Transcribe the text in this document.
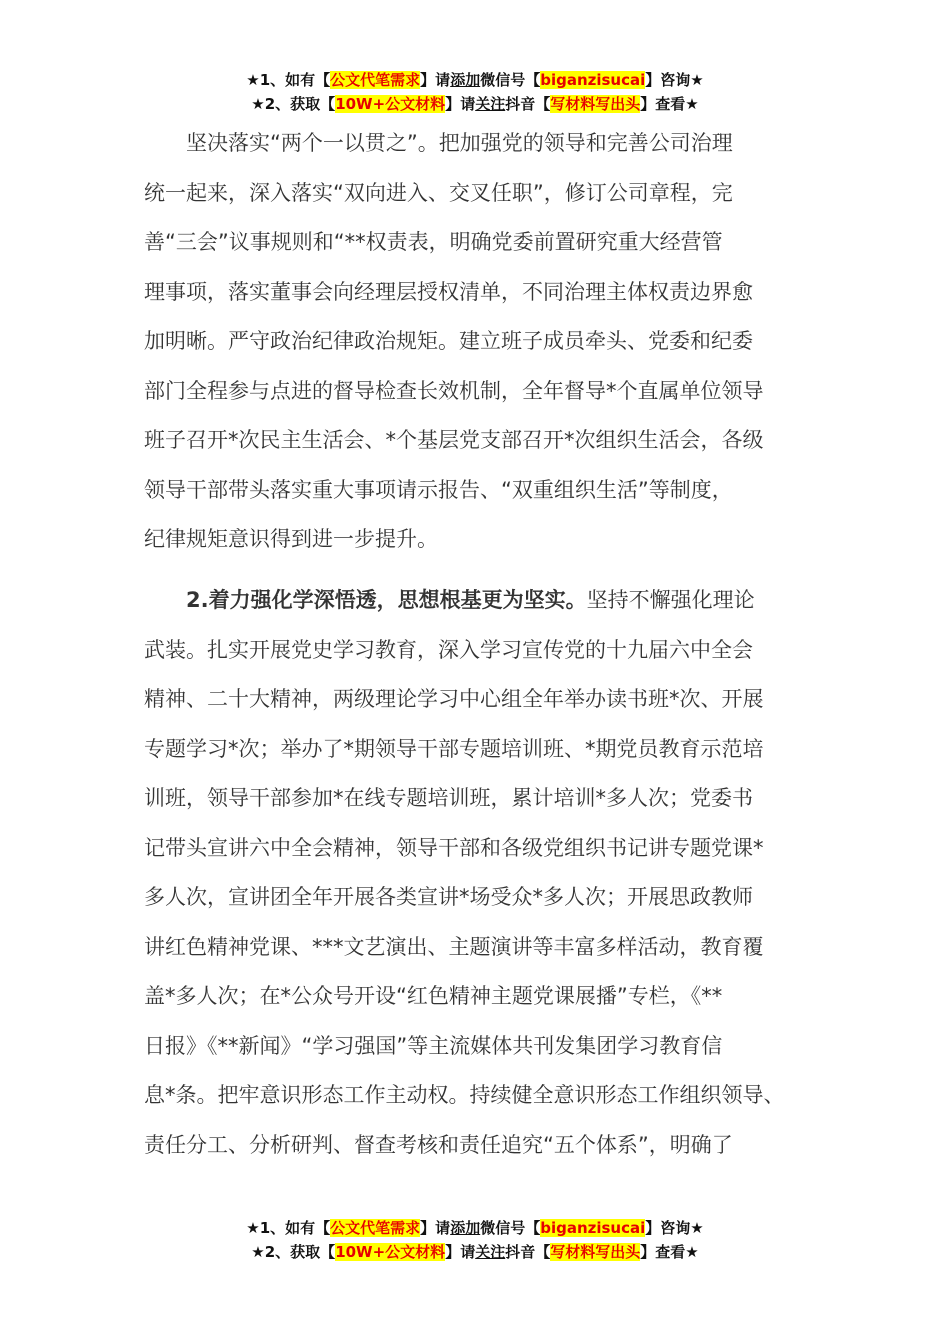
★1、如有【公文代笔需求】请添加微信号【biganzisucai】咨询★
★2、获取【10W+公文材料】请关注抖音【写材料写出头】查看★
　　坚决落实“两个一以贯之”。把加强党的领导和完善公司治理
统一起来，深入落实“双向进入、交叉任职”，修订公司章程，完
善“三会”议事规则和“**权责表，明确党委前置研究重大经营管
理事项，落实董事会向经理层授权清单，不同治理主体权责边界愈
加明晰。严守政治纪律政治规矩。建立班子成员牵头、党委和纪委
部门全程参与点进的督导检查长效机制，全年督导*个直属单位领导
班子召开*次民主生活会、*个基层党支部召开*次组织生活会，各级
领导干部带头落实重大事项请示报告、“双重组织生活”等制度，
纪律规矩意识得到进一步提升。
　　2.着力强化学深悟透，思想根基更为坚实。坚持不懈强化理论
武装。扎实开展党史学习教育，深入学习宣传党的十九届六中全会
精神、二十大精神，两级理论学习中心组全年举办读书班*次、开展
专题学习*次；举办了*期领导干部专题培训班、*期党员教育示范培
训班，领导干部参加*在线专题培训班，累计培训*多人次；党委书
记带头宣讲六中全会精神，领导干部和各级党组织书记讲专题党课*
多人次，宣讲团全年开展各类宣讲*场受众*多人次；开展思政教师
讲红色精神党课、***文艺演出、主题演讲等丰富多样活动，教育覆
盖*多人次；在*公众号开设“红色精神主题党课展播”专栏，《**
日报》《**新闻》“学习强国”等主流媒体共刊发集团学习教育信
息*条。把牢意识形态工作主动权。持续健全意识形态工作组织领导、
责任分工、分析研判、督查考核和责任追究“五个体系”，明确了
★1、如有【公文代笔需求】请添加微信号【biganzisucai】咨询★
★2、获取【10W+公文材料】请关注抖音【写材料写出头】查看★
